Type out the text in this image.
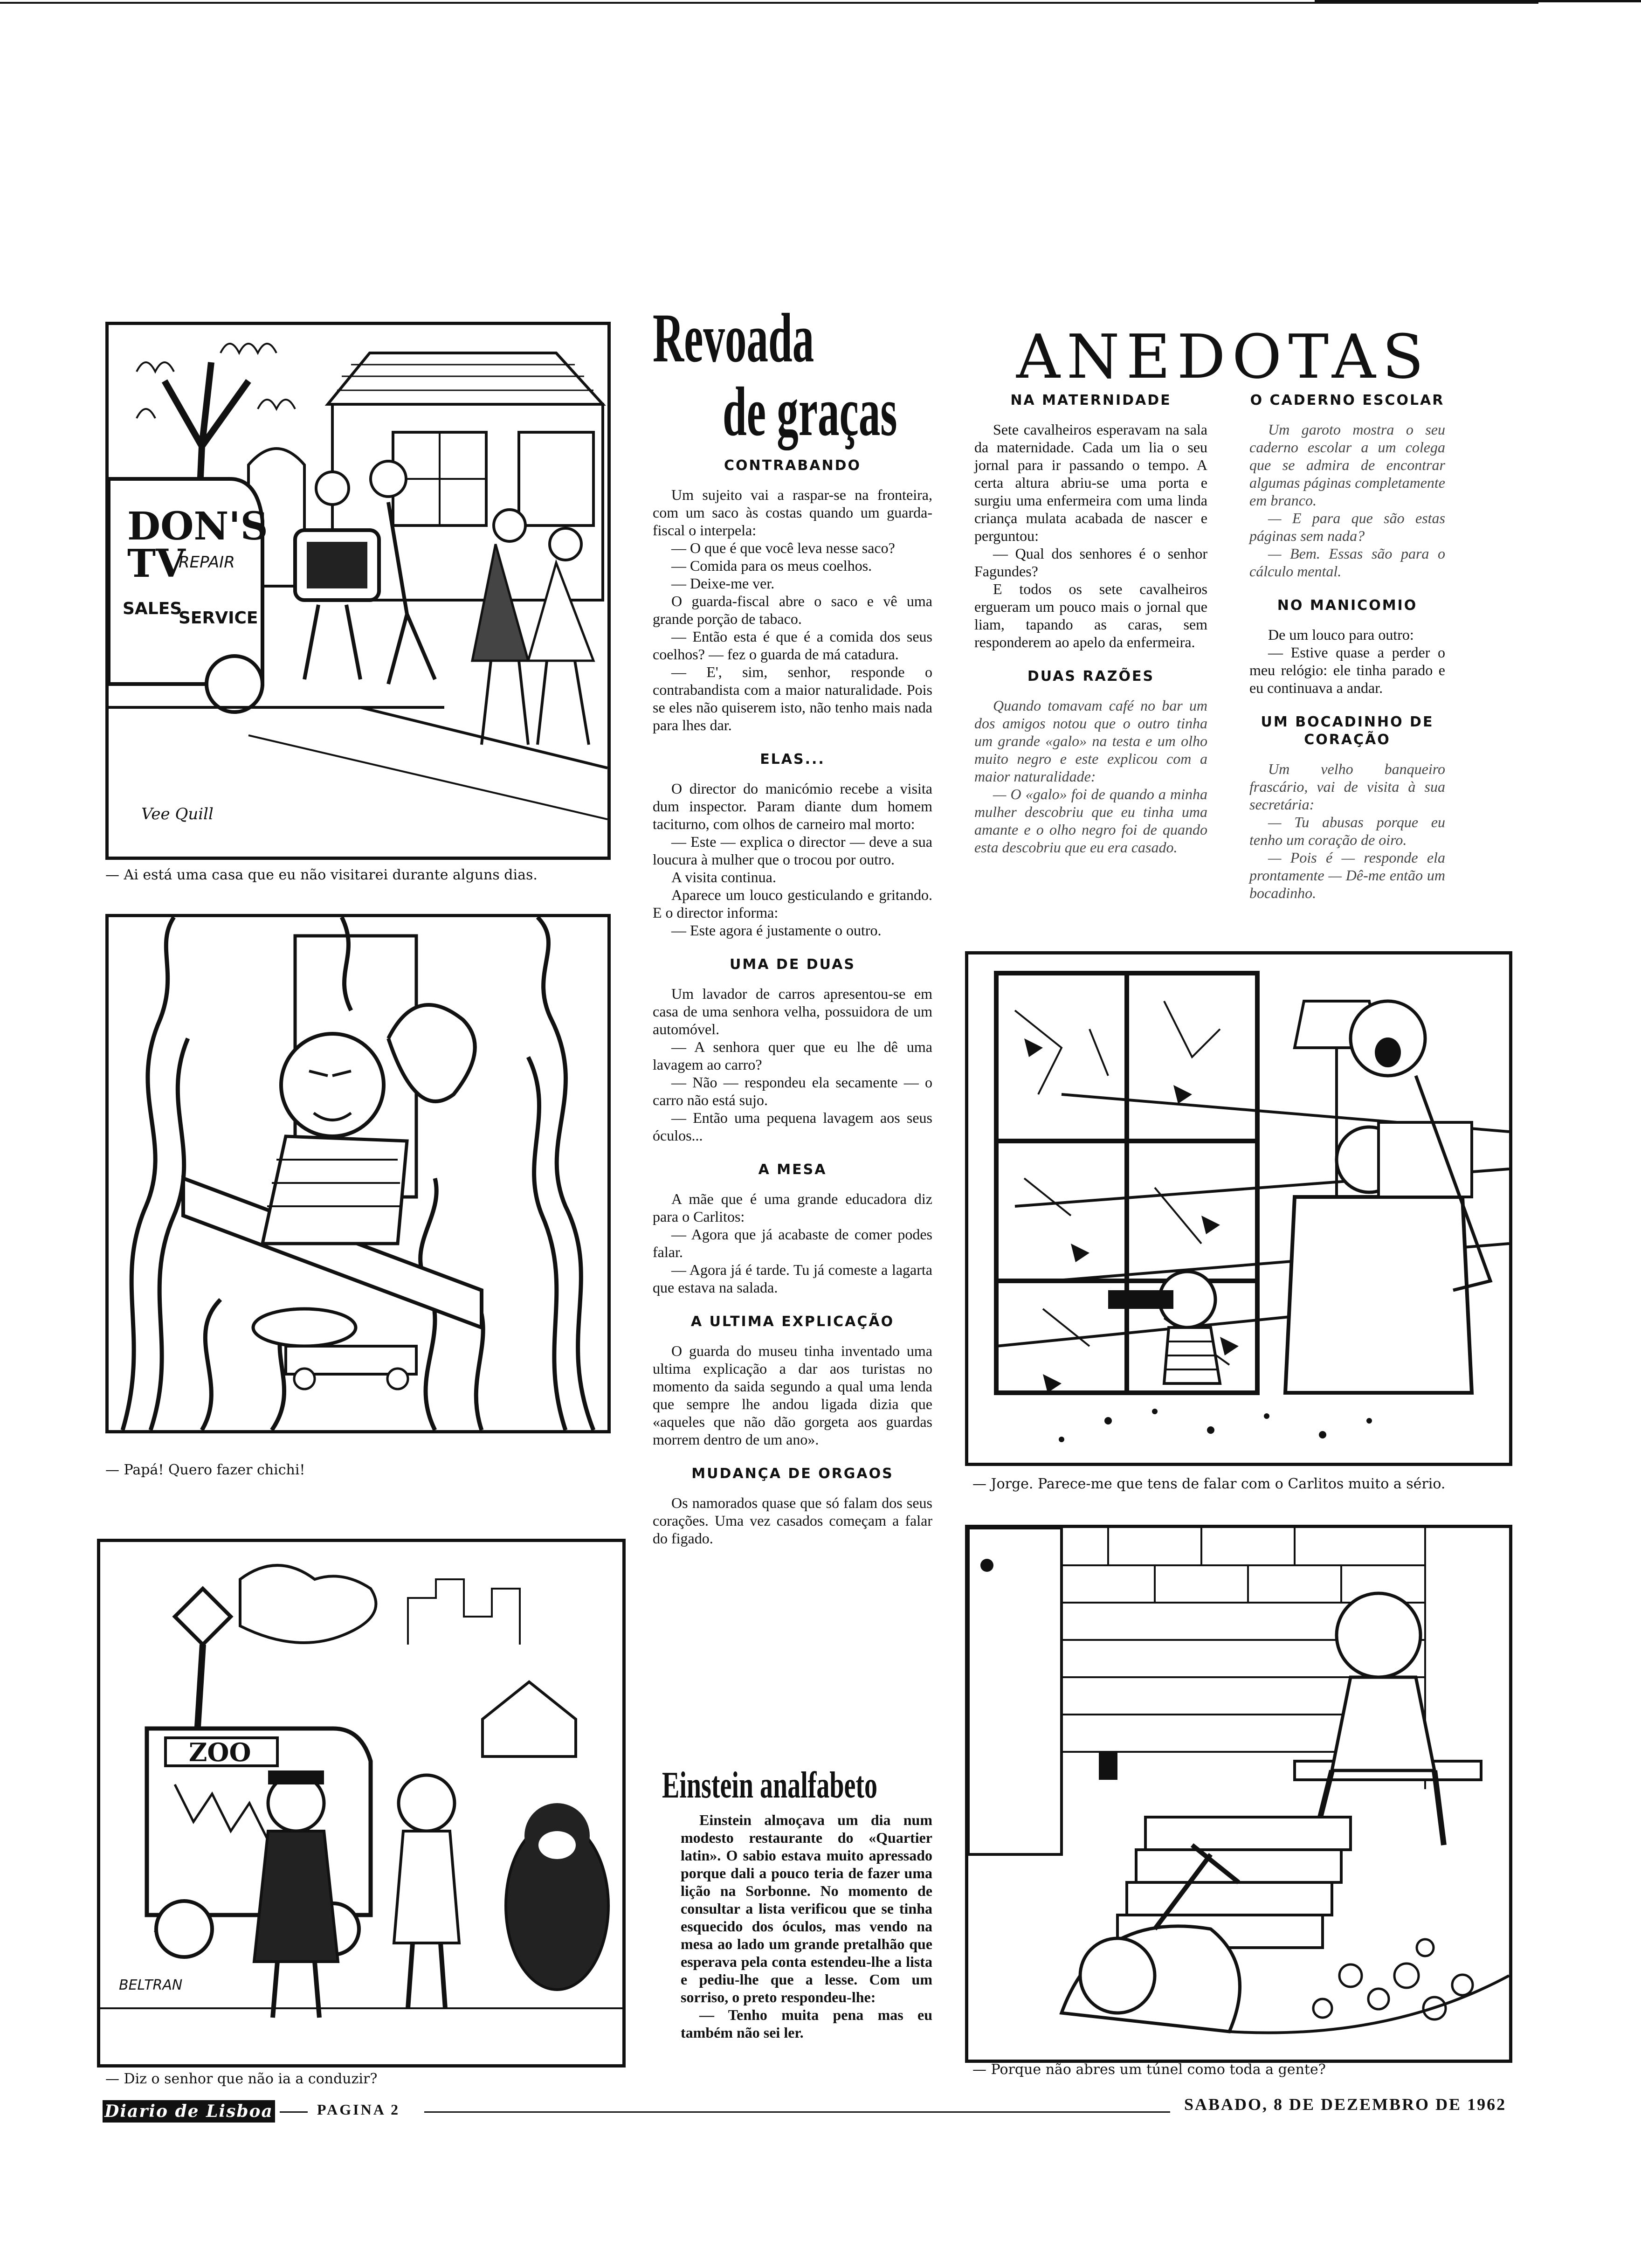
DON'S
TV
REPAIR
SALES
SERVICE
Vee Quill
— Ai está uma casa que eu não visitarei durante alguns dias.
— Papá! Quero fazer chichi!
ZOO
BELTRAN
— Diz o senhor que não ia a conduzir?
— Jorge. Parece-me que tens de falar com o Carlitos muito a sério.
— Porque não abres um túnel como toda a gente?
Revoada
de graças
CONTRABANDO

Um sujeito vai a raspar-se na fronteira, com um saco às costas quando um guarda-fiscal o interpela:

— O que é que você leva nesse saco?

— Comida para os meus coelhos.

— Deixe-me ver.

O guarda-fiscal abre o saco e vê uma grande porção de tabaco.

— Então esta é que é a comida dos seus coelhos? — fez o guarda de má catadura.

— E', sim, senhor, responde o contrabandista com a maior naturalidade. Pois se eles não quiserem isto, não tenho mais nada para lhes dar.

ELAS...

O director do manicómio recebe a visita dum inspector. Param diante dum homem taciturno, com olhos de carneiro mal morto:

— Este — explica o director — deve a sua loucura à mulher que o trocou por outro.

A visita continua.

Aparece um louco gesticulando e gritando. E o director informa:

— Este agora é justamente o outro.

UMA DE DUAS

Um lavador de carros apresentou-se em casa de uma senhora velha, possuidora de um automóvel.

— A senhora quer que eu lhe dê uma lavagem ao carro?

— Não — respondeu ela secamente — o carro não está sujo.

— Então uma pequena lavagem aos seus óculos...

A MESA

A mãe que é uma grande educadora diz para o Carlitos:

— Agora que já acabaste de comer podes falar.

— Agora já é tarde. Tu já comeste a lagarta que estava na salada.

A ULTIMA EXPLICAÇÃO

O guarda do museu tinha inventado uma ultima explicação a dar aos turistas no momento da saida segundo a qual uma lenda que sempre lhe andou ligada dizia que «aqueles que não dão gorgeta aos guardas morrem dentro de um ano».

MUDANÇA DE ORGAOS

Os namorados quase que só falam dos seus corações. Uma vez casados começam a falar do figado.

Einstein analfabeto

Einstein almoçava um dia num modesto restaurante do «Quartier latin». O sabio estava muito apressado porque dali a pouco teria de fazer uma lição na Sorbonne. No momento de consultar a lista verificou que se tinha esquecido dos óculos, mas vendo na mesa ao lado um grande pretalhão que esperava pela conta estendeu-lhe a lista e pediu-lhe que a lesse. Com um sorriso, o preto respondeu-lhe:

— Tenho muita pena mas eu também não sei ler.

ANEDOTAS
NA MATERNIDADE

Sete cavalheiros esperavam na sala da maternidade. Cada um lia o seu jornal para ir passando o tempo. A certa altura abriu-se uma porta e surgiu uma enfermeira com uma linda criança mulata acabada de nascer e perguntou:

— Qual dos senhores é o senhor Fagundes?

E todos os sete cavalheiros ergueram um pouco mais o jornal que liam, tapando as caras, sem responderem ao apelo da enfermeira.

DUAS RAZÕES

Quando tomavam café no bar um dos amigos notou que o outro tinha um grande «galo» na testa e um olho muito negro e este explicou com a maior naturalidade:

— O «galo» foi de quando a minha mulher descobriu que eu tinha uma amante e o olho negro foi de quando esta descobriu que eu era casado.

O CADERNO ESCOLAR

Um garoto mostra o seu caderno escolar a um colega que se admira de encontrar algumas páginas completamente em branco.

— E para que são estas páginas sem nada?

— Bem. Essas são para o cálculo mental.

NO MANICOMIO

De um louco para outro:

— Estive quase a perder o meu relógio: ele tinha parado e eu continuava a andar.

UM BOCADINHO DE CORAÇÃO

Um velho banqueiro frascário, vai de visita à sua secretária:

— Tu abusas porque eu tenho um coração de oiro.

— Pois é — responde ela prontamente — Dê-me então um bocadinho.

Diario de Lisboa	PAGINA 2	SABADO, 8 DE DEZEMBRO DE 1962
